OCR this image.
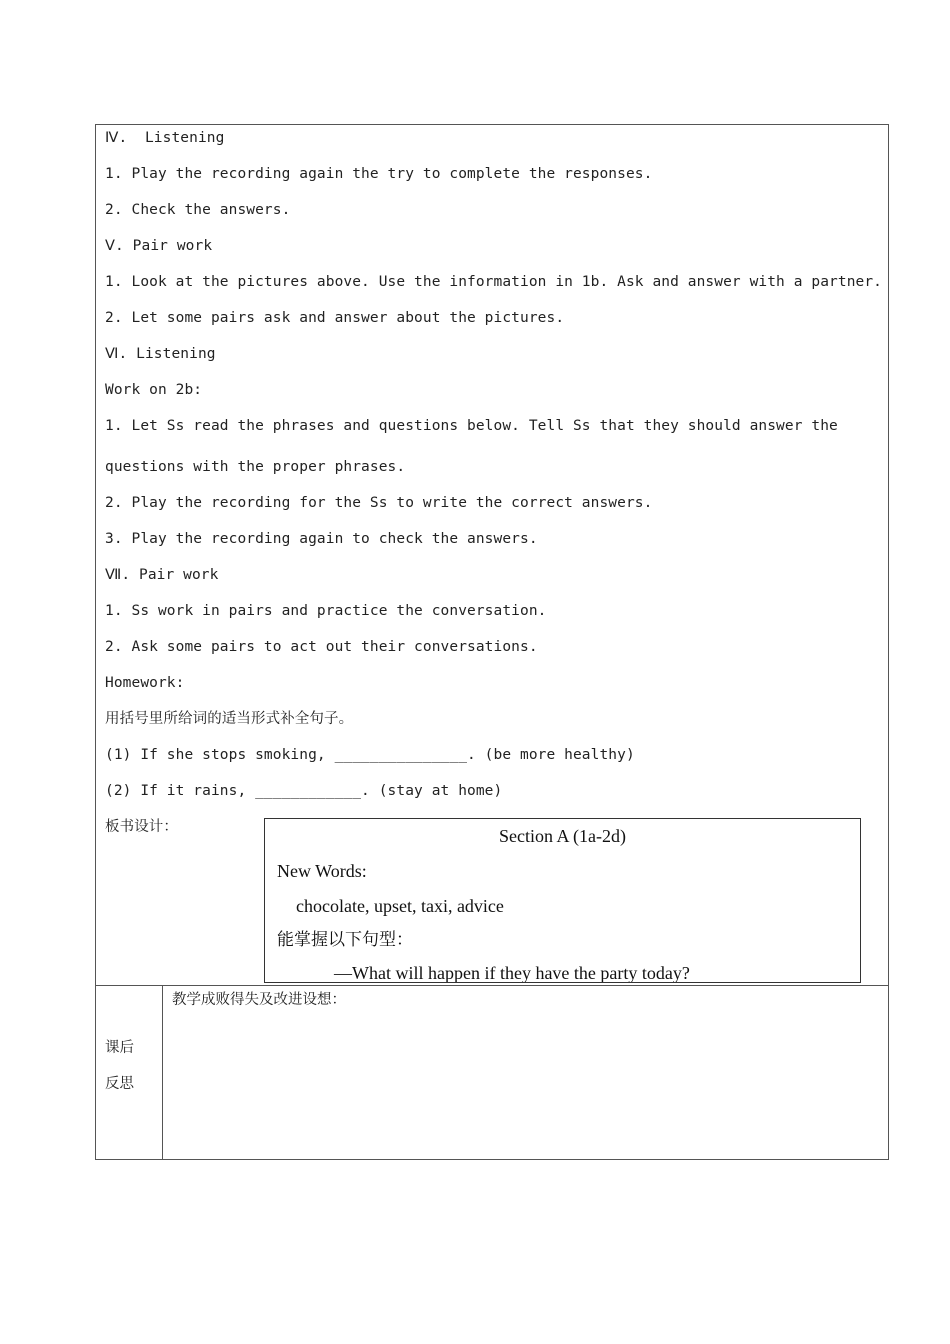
Ⅳ.  Listening
1. Play the recording again the try to complete the responses.
2. Check the answers.
Ⅴ. Pair work
1. Look at the pictures above. Use the information in 1b. Ask and answer with a partner.
2. Let some pairs ask and answer about the pictures.
Ⅵ. Listening
Work on 2b:
1. Let Ss read the phrases and questions below. Tell Ss that they should answer the
questions with the proper phrases.
2. Play the recording for the Ss to write the correct answers.
3. Play the recording again to check the answers.
Ⅶ. Pair work
1. Ss work in pairs and practice the conversation.
2. Ask some pairs to act out their conversations.
Homework:
用括号里所给词的适当形式补全句子。
(1) If she stops smoking, _______________. (be more healthy)
(2) If it rains, ____________. (stay at home)
板书设计：	Section A (1a-2d)
New Words:
chocolate, upset, taxi, advice
能掌握以下句型：
—What will happen if they have the party today?
课后
反思
教学成败得失及改进设想：
